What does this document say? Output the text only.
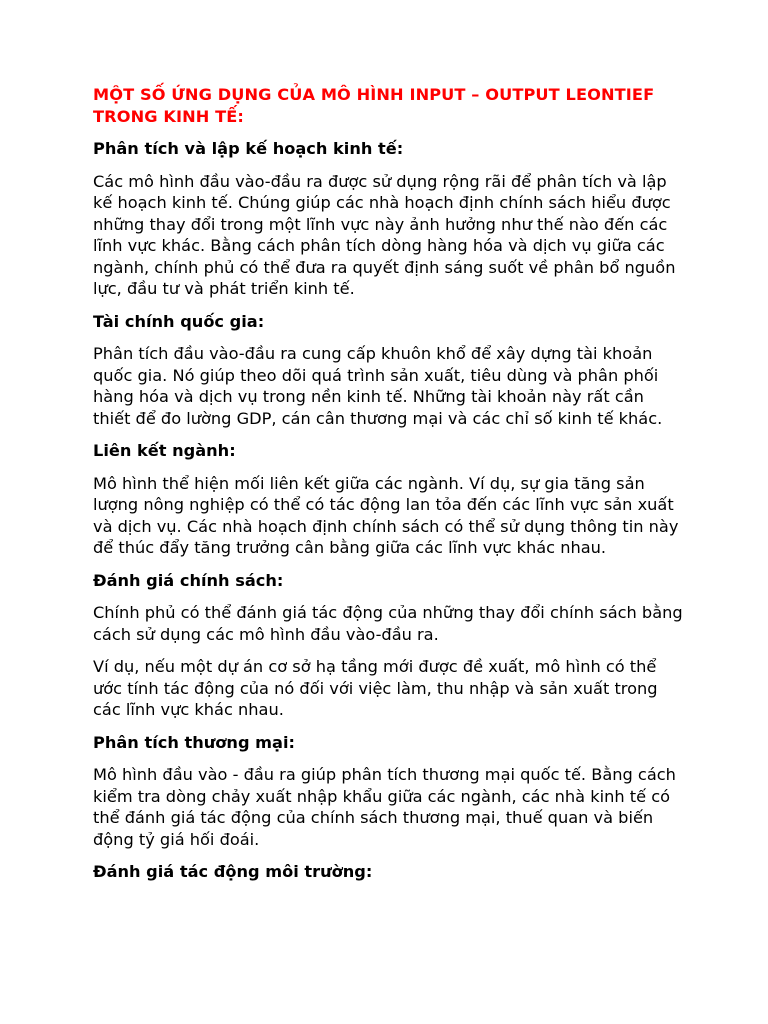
MỘT SỐ ỨNG DỤNG CỦA MÔ HÌNH INPUT – OUTPUT LEONTIEF TRONG KINH TẾ:
Phân tích và lập kế hoạch kinh tế:
Các mô hình đầu vào-đầu ra được sử dụng rộng rãi để phân tích và lập kế hoạch kinh tế. Chúng giúp các nhà hoạch định chính sách hiểu được những thay đổi trong một lĩnh vực này ảnh hưởng như thế nào đến các lĩnh vực khác. Bằng cách phân tích dòng hàng hóa và dịch vụ giữa các ngành, chính phủ có thể đưa ra quyết định sáng suốt về phân bổ nguồn lực, đầu tư và phát triển kinh tế.
Tài chính quốc gia:
Phân tích đầu vào-đầu ra cung cấp khuôn khổ để xây dựng tài khoản quốc gia. Nó giúp theo dõi quá trình sản xuất, tiêu dùng và phân phối hàng hóa và dịch vụ trong nền kinh tế. Những tài khoản này rất cần thiết để đo lường GDP, cán cân thương mại và các chỉ số kinh tế khác.
Liên kết ngành:
Mô hình thể hiện mối liên kết giữa các ngành. Ví dụ, sự gia tăng sản lượng nông nghiệp có thể có tác động lan tỏa đến các lĩnh vực sản xuất và dịch vụ. Các nhà hoạch định chính sách có thể sử dụng thông tin này để thúc đẩy tăng trưởng cân bằng giữa các lĩnh vực khác nhau.
Đánh giá chính sách:
Chính phủ có thể đánh giá tác động của những thay đổi chính sách bằng cách sử dụng các mô hình đầu vào-đầu ra.
Ví dụ, nếu một dự án cơ sở hạ tầng mới được đề xuất, mô hình có thể ước tính tác động của nó đối với việc làm, thu nhập và sản xuất trong các lĩnh vực khác nhau.
Phân tích thương mại:
Mô hình đầu vào - đầu ra giúp phân tích thương mại quốc tế. Bằng cách kiểm tra dòng chảy xuất nhập khẩu giữa các ngành, các nhà kinh tế có thể đánh giá tác động của chính sách thương mại, thuế quan và biến động tỷ giá hối đoái.
Đánh giá tác động môi trường:
